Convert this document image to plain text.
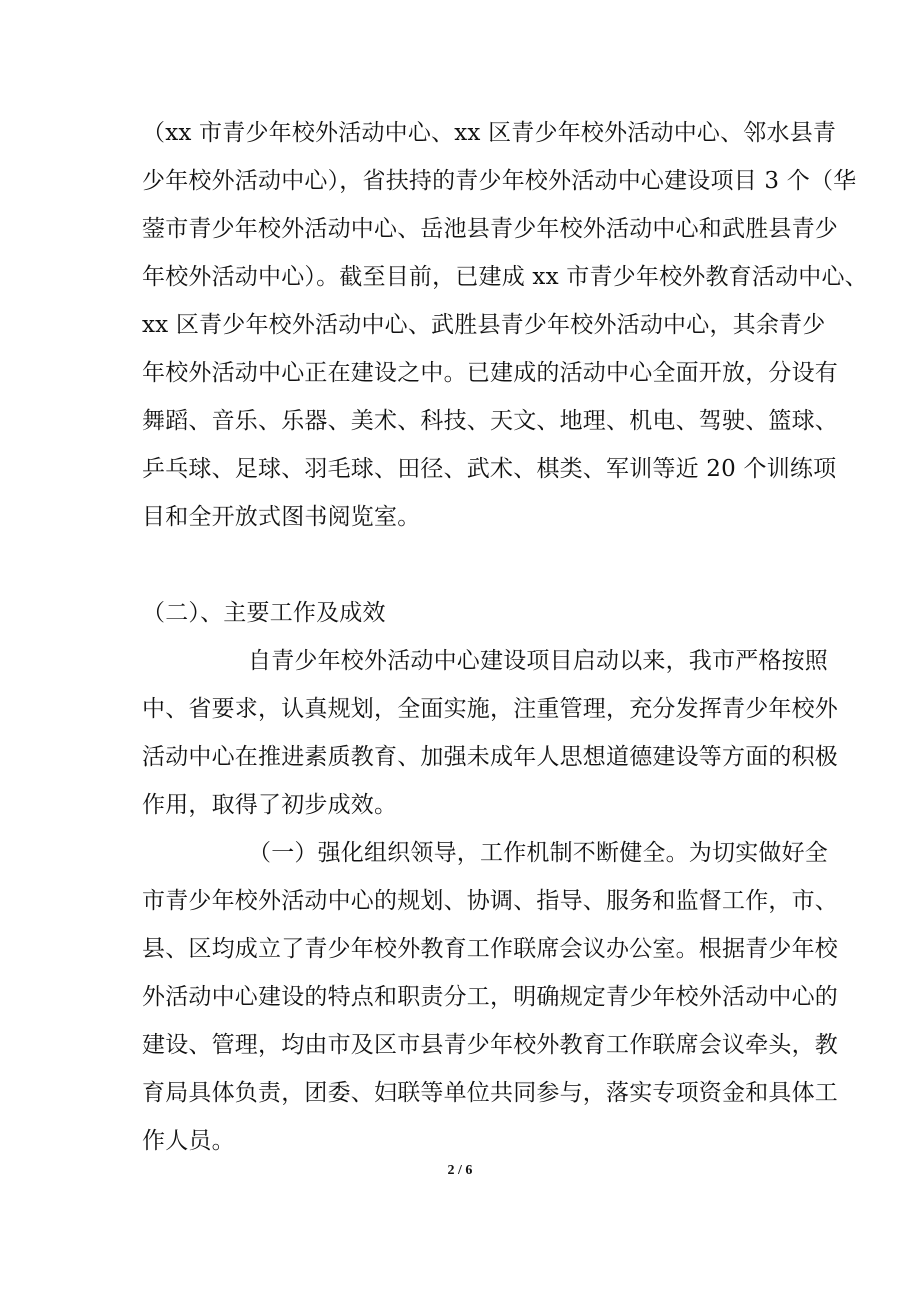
（xx 市青少年校外活动中心、xx 区青少年校外活动中心、邻水县青
少年校外活动中心），省扶持的青少年校外活动中心建设项目 3 个（华
蓥市青少年校外活动中心、岳池县青少年校外活动中心和武胜县青少
年校外活动中心）。截至目前，已建成 xx 市青少年校外教育活动中心、
xx 区青少年校外活动中心、武胜县青少年校外活动中心，其余青少
年校外活动中心正在建设之中。已建成的活动中心全面开放，分设有
舞蹈、音乐、乐器、美术、科技、天文、地理、机电、驾驶、篮球、
乒乓球、足球、羽毛球、田径、武术、棋类、军训等近 20 个训练项
目和全开放式图书阅览室。
（二）、主要工作及成效
自青少年校外活动中心建设项目启动以来，我市严格按照
中、省要求，认真规划，全面实施，注重管理，充分发挥青少年校外
活动中心在推进素质教育、加强未成年人思想道德建设等方面的积极
作用，取得了初步成效。
（一）强化组织领导，工作机制不断健全。为切实做好全
市青少年校外活动中心的规划、协调、指导、服务和监督工作，市、
县、区均成立了青少年校外教育工作联席会议办公室。根据青少年校
外活动中心建设的特点和职责分工，明确规定青少年校外活动中心的
建设、管理，均由市及区市县青少年校外教育工作联席会议牵头，教
育局具体负责，团委、妇联等单位共同参与，落实专项资金和具体工
作人员。
2 / 6
